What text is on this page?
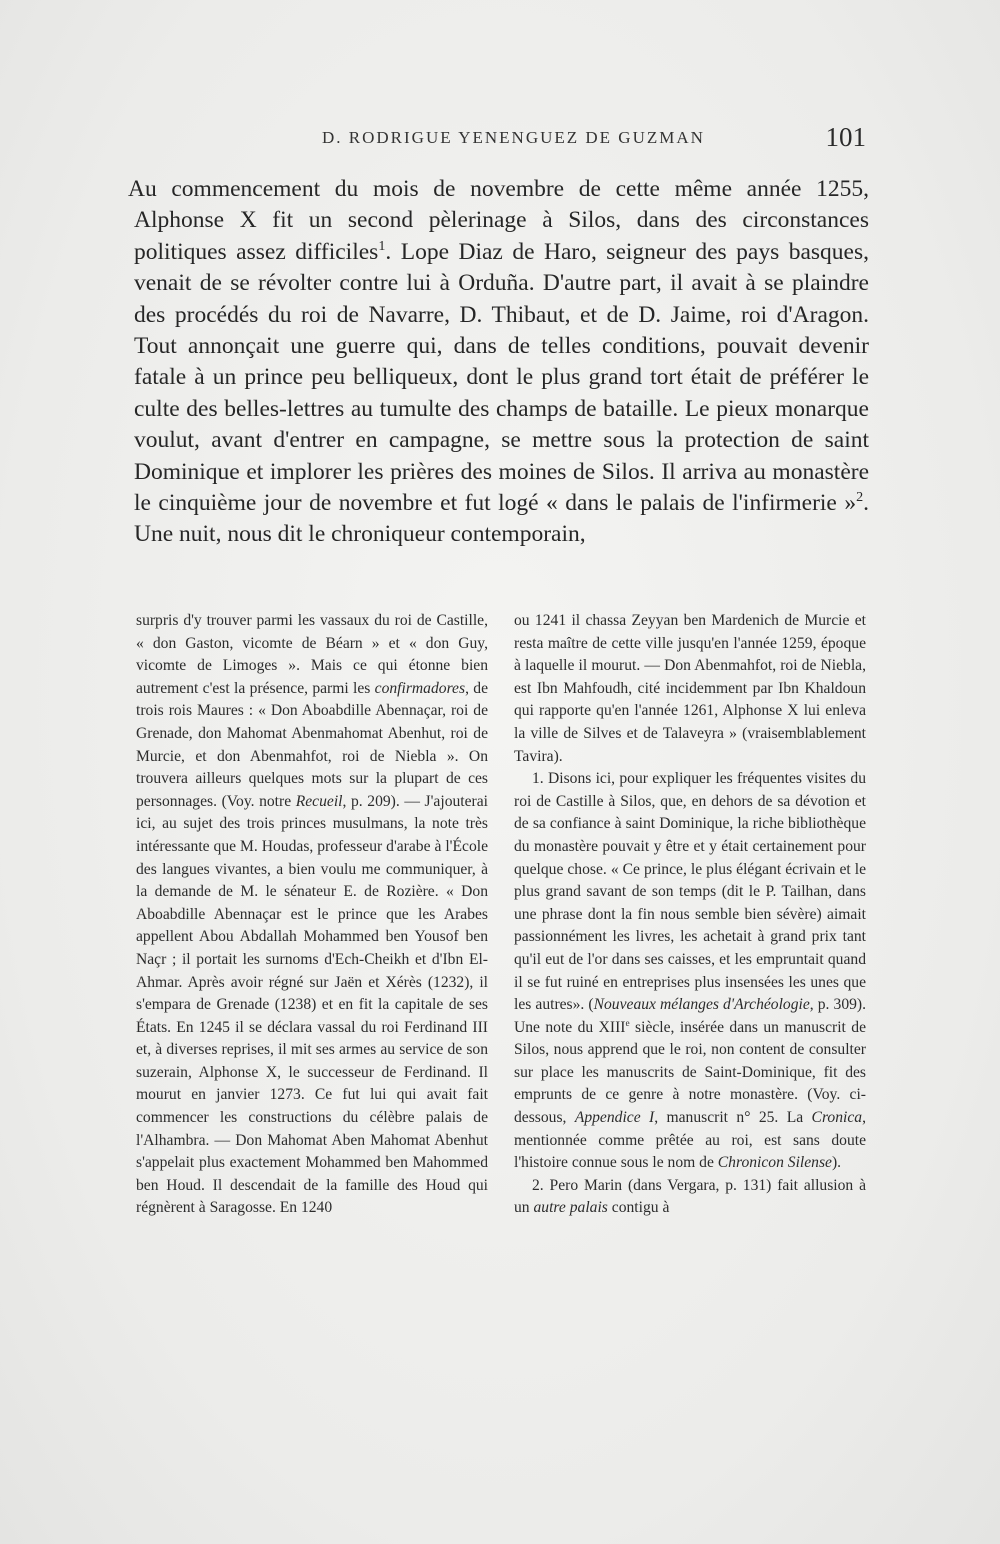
D. RODRIGUE YENENGUEZ DE GUZMAN	101
Au commencement du mois de novembre de cette même année 1255, Alphonse X fit un second pèlerinage à Silos, dans des circonstances politiques assez difficiles$^1$. Lope Diaz de Haro, seigneur des pays basques, venait de se révolter contre lui à Orduña. D'autre part, il avait à se plaindre des procédés du roi de Navarre, D. Thibaut, et de D. Jaime, roi d'Aragon. Tout annonçait une guerre qui, dans de telles conditions, pouvait devenir fatale à un prince peu belliqueux, dont le plus grand tort était de préférer le culte des belles-lettres au tumulte des champs de bataille. Le pieux monarque voulut, avant d'entrer en campagne, se mettre sous la protection de saint Dominique et implorer les prières des moines de Silos. Il arriva au monastère le cinquième jour de novembre et fut logé « dans le palais de l'infirmerie »$^2$. Une nuit, nous dit le chroniqueur contemporain,

surpris d'y trouver parmi les vassaux du roi de Castille, « don Gaston, vicomte de Béarn » et « don Guy, vicomte de Limoges ». Mais ce qui étonne bien autrement c'est la présence, parmi les confirmadores, de trois rois Maures : « Don Aboabdille Abennaçar, roi de Grenade, don Mahomat Abenmahomat Abenhut, roi de Murcie, et don Abenmahfot, roi de Niebla ». On trouvera ailleurs quelques mots sur la plupart de ces personnages. (Voy. notre Recueil, p. 209). — J'ajouterai ici, au sujet des trois princes musulmans, la note très intéressante que M. Houdas, professeur d'arabe à l'École des langues vivantes, a bien voulu me communiquer, à la demande de M. le sénateur E. de Rozière. « Don Aboabdille Abennaçar est le prince que les Arabes appellent Abou Abdallah Mohammed ben Yousof ben Naçr ; il portait les surnoms d'Ech-Cheikh et d'Ibn El-Ahmar. Après avoir régné sur Jaën et Xérès (1232), il s'empara de Grenade (1238) et en fit la capitale de ses États. En 1245 il se déclara vassal du roi Ferdinand III et, à diverses reprises, il mit ses armes au service de son suzerain, Alphonse X, le successeur de Ferdinand. Il mourut en janvier 1273. Ce fut lui qui avait fait commencer les constructions du célèbre palais de l'Alhambra. — Don Mahomat Aben Mahomat Abenhut s'appelait plus exactement Mohammed ben Mahommed ben Houd. Il descendait de la famille des Houd qui régnèrent à Saragosse. En 1240

ou 1241 il chassa Zeyyan ben Mardenich de Murcie et resta maître de cette ville jusqu'en l'année 1259, époque à laquelle il mourut. — Don Abenmahfot, roi de Niebla, est Ibn Mahfoudh, cité incidemment par Ibn Khaldoun qui rapporte qu'en l'année 1261, Alphonse X lui enleva la ville de Silves et de Talaveyra » (vraisemblablement Tavira).

1. Disons ici, pour expliquer les fréquentes visites du roi de Castille à Silos, que, en dehors de sa dévotion et de sa confiance à saint Dominique, la riche bibliothèque du monastère pouvait y être et y était certainement pour quelque chose. « Ce prince, le plus élégant écrivain et le plus grand savant de son temps (dit le P. Tailhan, dans une phrase dont la fin nous semble bien sévère) aimait passionnément les livres, les achetait à grand prix tant qu'il eut de l'or dans ses caisses, et les empruntait quand il se fut ruiné en entreprises plus insensées les unes que les autres». (Nouveaux mélanges d'Archéologie, p. 309). Une note du XIIIe siècle, insérée dans un manuscrit de Silos, nous apprend que le roi, non content de consulter sur place les manuscrits de Saint-Dominique, fit des emprunts de ce genre à notre monastère. (Voy. ci-dessous, Appendice I, manuscrit n° 25. La Cronica, mentionnée comme prêtée au roi, est sans doute l'histoire connue sous le nom de Chronicon Silense).

2. Pero Marin (dans Vergara, p. 131) fait allusion à un autre palais contigu à
